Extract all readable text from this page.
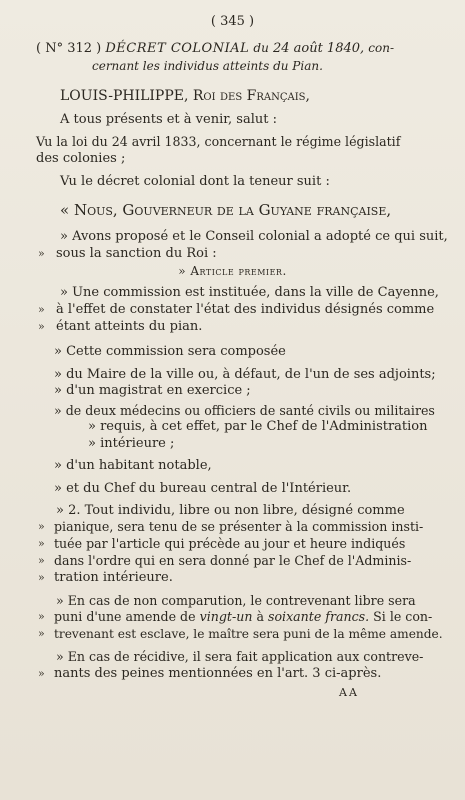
( 345 )
( N° 312 ) DÉCRET COLONIAL du 24 août 1840, con-
cernant les individus atteints du Pian.
LOUIS-PHILIPPE, Roi des Français,
A tous présents et à venir, salut :
Vu la loi du 24 avril 1833, concernant le régime législatif
des colonies ;
Vu le décret colonial dont la teneur suit :
« Nous, Gouverneur de la Guyane française,
» Avons proposé et le Conseil colonial a adopté ce qui suit,
» sous la sanction du Roi :
» Article premier.
» Une commission est instituée, dans la ville de Cayenne,
» à l'effet de constater l'état des individus désignés comme
» étant atteints du pian.
» Cette commission sera composée
» du Maire de la ville ou, à défaut, de l'un de ses adjoints;
» d'un magistrat en exercice ;
» de deux médecins ou officiers de santé civils ou militaires
» requis, à cet effet, par le Chef de l'Administration
» intérieure ;
» d'un habitant notable,
» et du Chef du bureau central de l'Intérieur.
» 2. Tout individu, libre ou non libre, désigné comme
» pianique, sera tenu de se présenter à la commission insti-
» tuée par l'article qui précède au jour et heure indiqués
» dans l'ordre qui en sera donné par le Chef de l'Adminis-
» tration intérieure.
» En cas de non comparution, le contrevenant libre sera
» puni d'une amende de vingt-un à soixante francs. Si le con-
» trevenant est esclave, le maître sera puni de la même amende.
» En cas de récidive, il sera fait application aux contreve-
» nants des peines mentionnées en l'art. 3 ci-après.
AA
